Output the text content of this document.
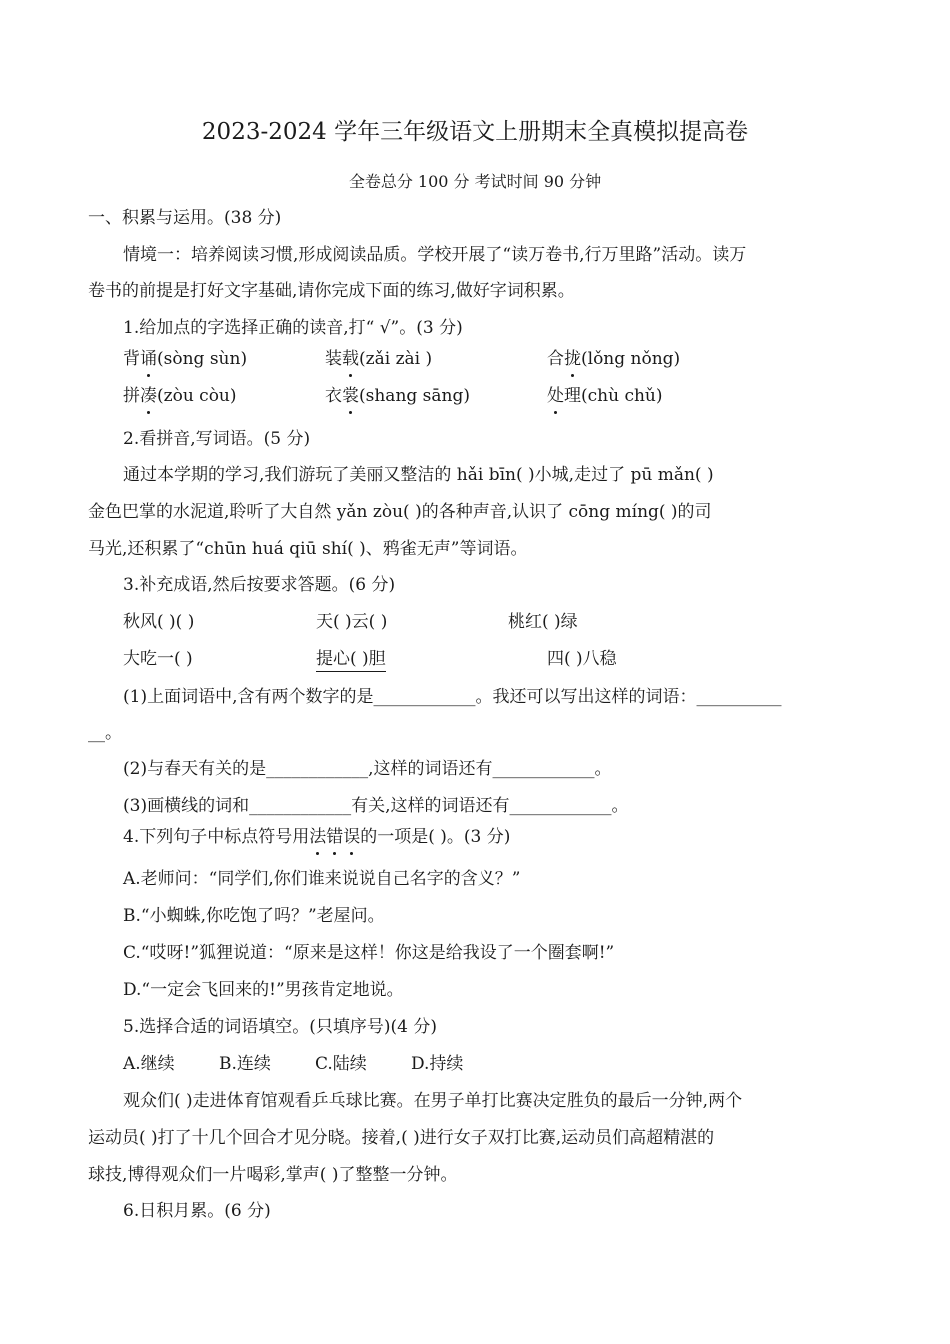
2023-2024 学年三年级语文上册期末全真模拟提高卷
全卷总分 100 分 考试时间 90 分钟
一、积累与运用。(38 分)
情境一：培养阅读习惯,形成阅读品质。学校开展了“读万卷书,行万里路”活动。读万
卷书的前提是打好文字基础,请你完成下面的练习,做好字词积累。
1.给加点的字选择正确的读音,打“ √”。(3 分)
背诵(sòng sùn)	装载(zǎi zài )	合拢(lǒng nǒng)
拼凑(zòu còu)	衣裳(shang sāng)	处理(chù chǔ)
2.看拼音,写词语。(5 分)
通过本学期的学习,我们游玩了美丽又整洁的 hǎi bīn( )小城,走过了 pū mǎn( )
金色巴掌的水泥道,聆听了大自然 yǎn zòu( )的各种声音,认识了 cōng míng( )的司
马光,还积累了“chūn huá qiū shí( )、鸦雀无声”等词语。
3.补充成语,然后按要求答题。(6 分)
秋风( )( )	天( )云( )	桃红( )绿
大吃一( )	提心( )胆	四( )八稳
(1)上面词语中,含有两个数字的是____________。我还可以写出这样的词语：__________
__。
(2)与春天有关的是____________,这样的词语还有____________。
(3)画横线的词和____________有关,这样的词语还有____________。
4.下列句子中标点符号用法错误的一项是( )。(3 分)
A.老师问：“同学们,你们谁来说说自己名字的含义？”
B.“小蜘蛛,你吃饱了吗？”老屋问。
C.“哎呀!”狐狸说道：“原来是这样！你这是给我设了一个圈套啊!”
D.“一定会飞回来的!”男孩肯定地说。
5.选择合适的词语填空。(只填序号)(4 分)
A.继续	B.连续	C.陆续	D.持续
观众们( )走进体育馆观看乒乓球比赛。在男子单打比赛决定胜负的最后一分钟,两个
运动员( )打了十几个回合才见分晓。接着,( )进行女子双打比赛,运动员们高超精湛的
球技,博得观众们一片喝彩,掌声( )了整整一分钟。
6.日积月累。(6 分)
